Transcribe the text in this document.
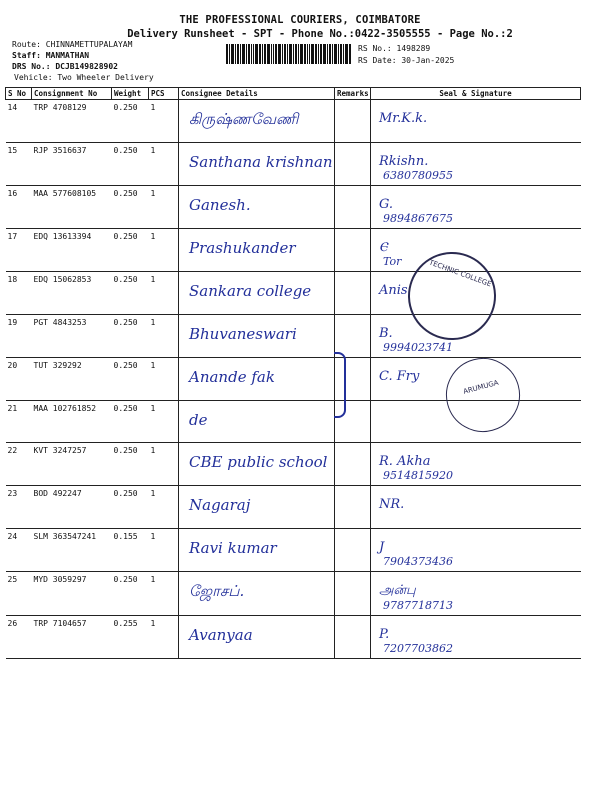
THE PROFESSIONAL COURIERS, COIMBATORE
Delivery Runsheet - SPT - Phone No.:0422-3505555 - Page No.:2
Route: CHINNAMETTUPALAYAM
Staff: MANMATHAN
DRS No.: DCJB149828902
Vehicle: Two Wheeler Delivery
RS No.: 1498289
RS Date: 30-Jan-2025
S No	Consignment No	Weight	PCS	Consignee Details	Remarks	Seal & Signature
14	TRP 4708129	0.250	1	கிருஷ்ணவேணி		Mr.K.k.

15	RJP 3516637	0.250	1	Santhana krishnan		Rkishn.
6380780955
16	MAA 577608105	0.250	1	Ganesh.		G.
9894867675
17	EDQ 13613394	0.250	1	Prashukander		Ⲉ
Tor
18	EDQ 15062853	0.250	1	Sankara college		Anis

19	PGT 4843253	0.250	1	Bhuvaneswari		B.
9994023741
20	TUT 329292	0.250	1	Anande fak		C. Fry

21	MAA 102761852	0.250	1	de		

22	KVT 3247257	0.250	1	CBE public school		R. Akha
9514815920
23	BOD 492247	0.250	1	Nagaraj		NR.

24	SLM 363547241	0.155	1	Ravi kumar		J
7904373436
25	MYD 3059297	0.250	1	ஜோசப்.		அன்பு
9787718713
26	TRP 7104657	0.255	1	Avanyaa		P.
7207703862
TECHNIC COLLEGE
ARUMUGA
